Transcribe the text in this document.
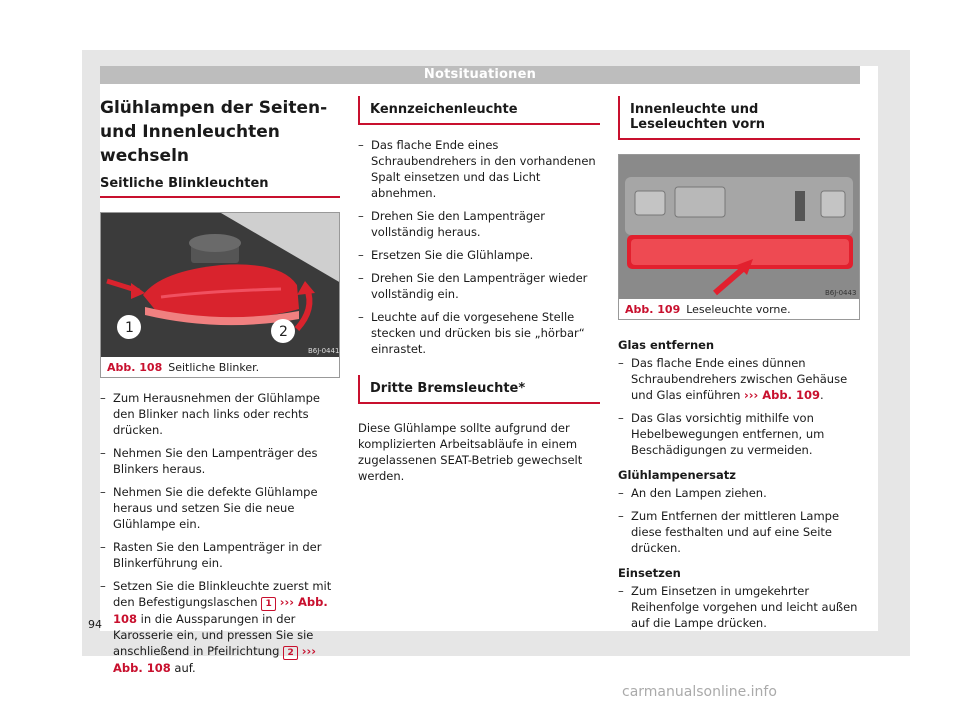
Notsituationen
Glühlampen der Seiten- und Innenleuchten wechseln
Seitliche Blinkleuchten
1	2
B6J-0441
Abb. 108 Seitliche Blinker.
– Zum Herausnehmen der Glühlampe den Blinker nach links oder rechts drücken.
– Nehmen Sie den Lampenträger des Blinkers heraus.
– Nehmen Sie die defekte Glühlampe heraus und setzen Sie die neue Glühlampe ein.
– Rasten Sie den Lampenträger in der Blinkerführung ein.
– Setzen Sie die Blinkleuchte zuerst mit den Befestigungslaschen 1 ››› Abb. 108 in die Aussparungen in der Karosserie ein, und pressen Sie sie anschließend in Pfeilrichtung 2 ››› Abb. 108 auf.
Kennzeichenleuchte
– Das flache Ende eines Schraubendrehers in den vorhandenen Spalt einsetzen und das Licht abnehmen.
– Drehen Sie den Lampenträger vollständig heraus.
– Ersetzen Sie die Glühlampe.
– Drehen Sie den Lampenträger wieder vollständig ein.
– Leuchte auf die vorgesehene Stelle stecken und drücken bis sie „hörbar“ einrastet.
Dritte Bremsleuchte*

Diese Glühlampe sollte aufgrund der komplizierten Arbeitsabläufe in einem zugelassenen SEAT-Betrieb gewechselt werden.

Innenleuchte und Leseleuchten vorn
B6J-0443
Abb. 109 Leseleuchte vorne.
Glas entfernen
– Das flache Ende eines dünnen Schraubendrehers zwischen Gehäuse und Glas einführen ››› Abb. 109.
– Das Glas vorsichtig mithilfe von Hebelbewegungen entfernen, um Beschädigungen zu vermeiden.
Glühlampenersatz
– An den Lampen ziehen.
– Zum Entfernen der mittleren Lampe diese festhalten und auf eine Seite drücken.
Einsetzen
– Zum Einsetzen in umgekehrter Reihenfolge vorgehen und leicht außen auf die Lampe drücken.
94
carmanualsonline.info
